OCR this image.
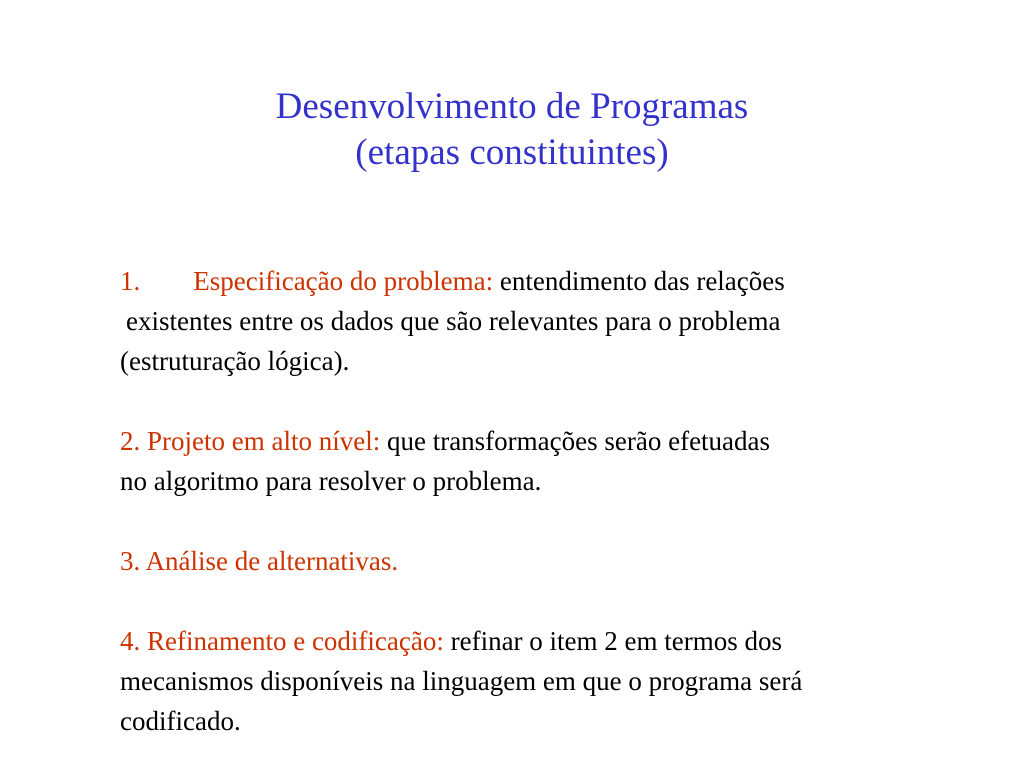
Desenvolvimento de Programas
(etapas constituintes)
1. Especificação do problema: entendimento das relações
existentes entre os dados que são relevantes para o problema
(estruturação lógica).
2. Projeto em alto nível: que transformações serão efetuadas
no algoritmo para resolver o problema.
3. Análise de alternativas.
4. Refinamento e codificação: refinar o item 2 em termos dos
mecanismos disponíveis na linguagem em que o programa será
codificado.
